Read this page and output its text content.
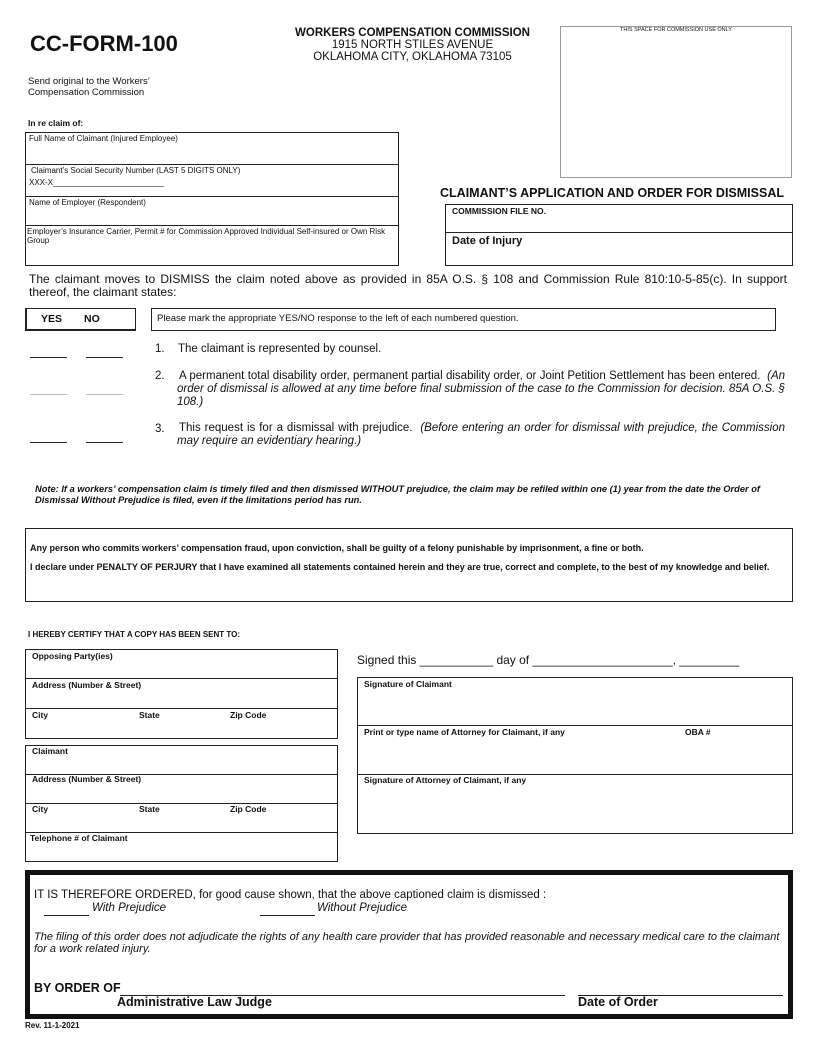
CC-FORM-100	WORKERS COMPENSATION COMMISSION
1915 NORTH STILES AVENUE
OKLAHOMA CITY, OKLAHOMA 73105
Send original to the Workers’
Compensation Commission
THIS SPACE FOR COMMISSION USE ONLY
In re claim of:
Full Name of Claimant (Injured Employee)
Claimant’s Social Security Number (LAST 5 DIGITS ONLY)
XXX-X_________________________
Name of Employer (Respondent)
Employer’s Insurance Carrier, Permit # for Commission Approved Individual Self-insured or Own Risk Group
CLAIMANT’S APPLICATION AND ORDER FOR DISMISSAL
COMMISSION FILE NO.
Date of Injury
The claimant moves to DISMISS the claim noted above as provided in 85A O.S. § 108 and Commission Rule 810:10-5-85(c). In support thereof, the claimant states:
YES NO	Please mark the appropriate YES/NO response to the left of each numbered question.
1. The claimant is represented by counsel.
2. A permanent total disability order, permanent partial disability order, or Joint Petition Settlement has been entered. (An order of dismissal is allowed at any time before final submission of the case to the Commission for decision. 85A O.S. § 108.)
3. This request is for a dismissal with prejudice. (Before entering an order for dismissal with prejudice, the Commission may require an evidentiary hearing.)
Note: If a workers’ compensation claim is timely filed and then dismissed WITHOUT prejudice, the claim may be refiled within one (1) year from the date the Order of Dismissal Without Prejudice is filed, even if the limitations period has run.
Any person who commits workers’ compensation fraud, upon conviction, shall be guilty of a felony punishable by imprisonment, a fine or both.
I declare under PENALTY OF PERJURY that I have examined all statements contained herein and they are true, correct and complete, to the best of my knowledge and belief.
I HEREBY CERTIFY THAT A COPY HAS BEEN SENT TO:
Opposing Party(ies)
Address (Number & Street)
City	State	Zip Code
Claimant
Address (Number & Street)
City	State	Zip Code
Telephone # of Claimant
Signed this ___________ day of _____________________, _________
Signature of Claimant
Print or type name of Attorney for Claimant, if any	OBA #
Signature of Attorney of Claimant, if any
IT IS THEREFORE ORDERED, for good cause shown, that the above captioned claim is dismissed :
With Prejudice	Without Prejudice
The filing of this order does not adjudicate the rights of any health care provider that has provided reasonable and necessary medical care to the claimant for a work related injury.
BY ORDER OF
Administrative Law Judge	Date of Order
Rev. 11-1-2021
